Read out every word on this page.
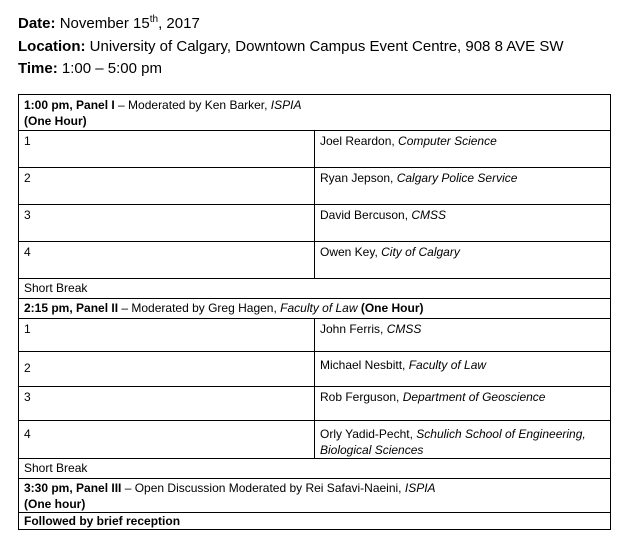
Date: November 15th, 2017
Location: University of Calgary, Downtown Campus Event Centre, 908 8 AVE SW
Time: 1:00 – 5:00 pm
1:00 pm, Panel I – Moderated by Ken Barker, ISPIA
(One Hour)	
1	Joel Reardon, Computer Science
2	Ryan Jepson, Calgary Police Service
3	David Bercuson, CMSS
4	Owen Key, City of Calgary
Short Break	
2:15 pm, Panel II – Moderated by Greg Hagen, Faculty of Law (One Hour)	
1	John Ferris, CMSS
2	Michael Nesbitt, Faculty of Law
3	Rob Ferguson, Department of Geoscience
4	Orly Yadid-Pecht, Schulich School of Engineering, Biological Sciences
Short Break	
3:30 pm, Panel III – Open Discussion Moderated by Rei Safavi-Naeini, ISPIA
(One hour)	
Followed by brief reception	
